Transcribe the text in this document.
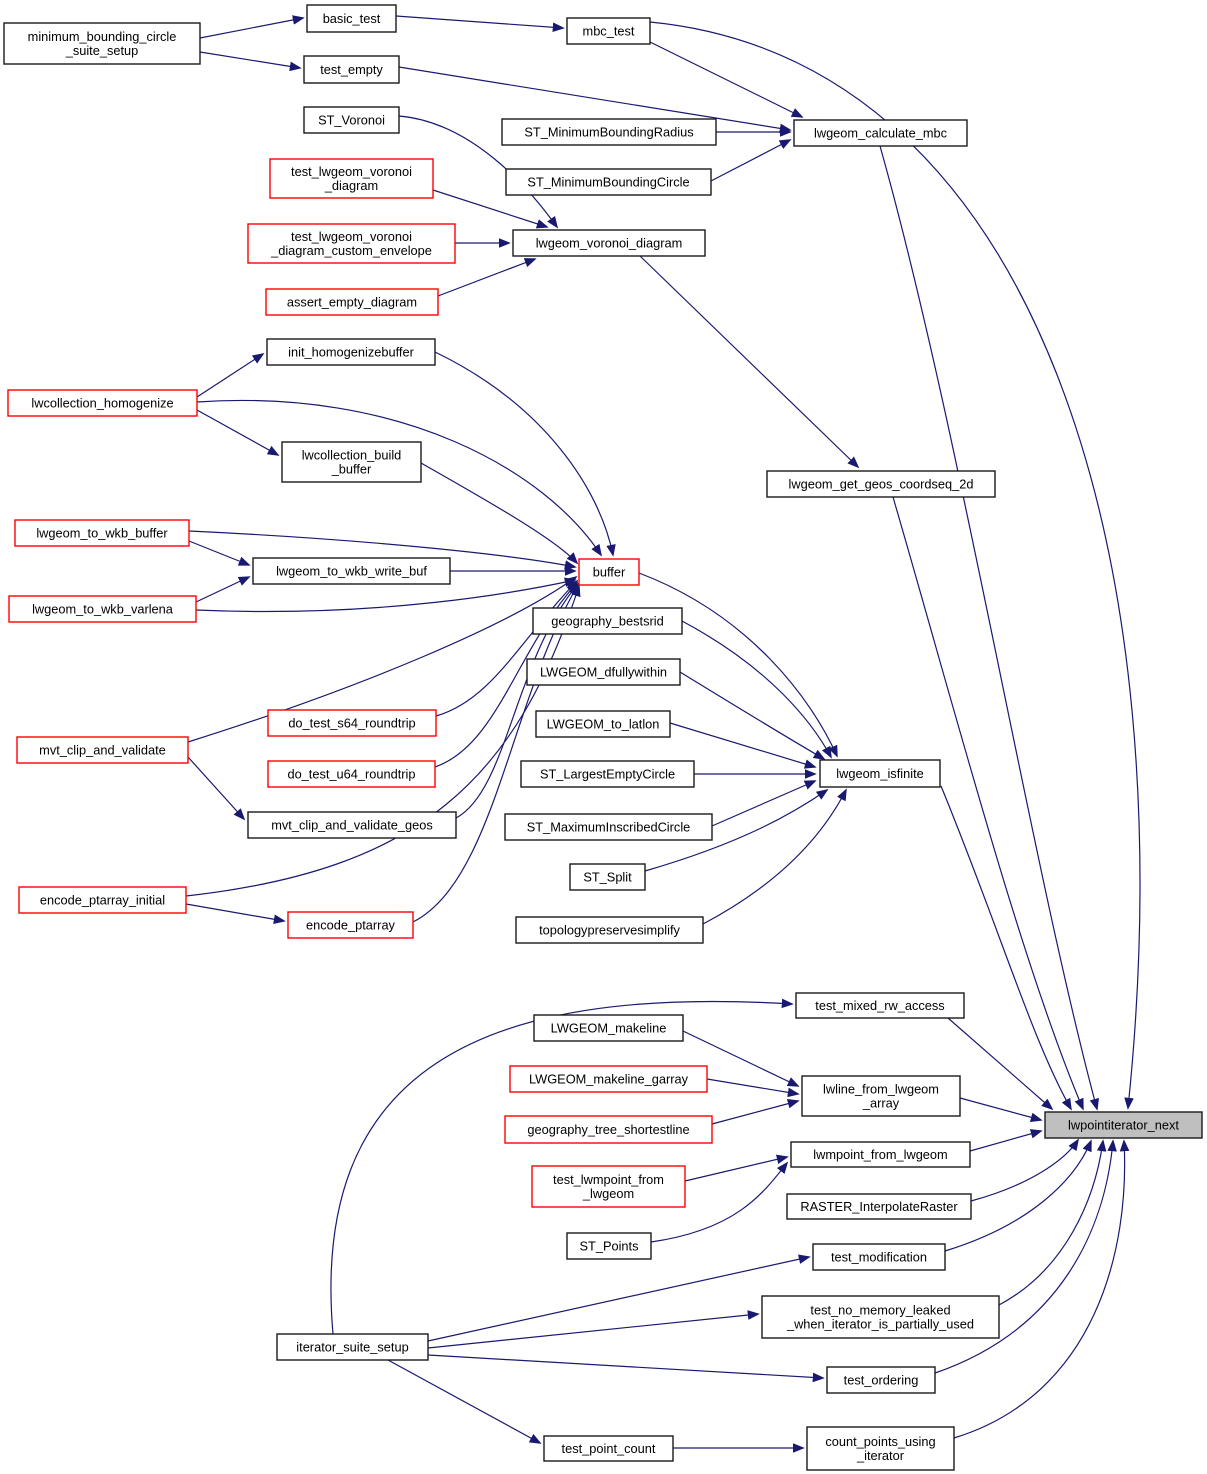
minimum_bounding_circle _suite_setup
basic_test
test_empty
ST_Voronoi
test_lwgeom_voronoi _diagram
test_lwgeom_voronoi _diagram_custom_envelope
assert_empty_diagram
mbc_test
lwgeom_calculate_mbc
ST_MinimumBoundingRadius
ST_MinimumBoundingCircle
lwgeom_voronoi_diagram
lwgeom_get_geos_coordseq_2d
init_homogenizebuffer
lwcollection_homogenize
lwcollection_build _buffer
lwgeom_to_wkb_buffer
lwgeom_to_wkb_write_buf
lwgeom_to_wkb_varlena
buffer
geography_bestsrid
LWGEOM_dfullywithin
LWGEOM_to_latlon
ST_LargestEmptyCircle	lwgeom_isfinite
ST_MaximumInscribedCircle
ST_Split
topologypreservesimplify
mvt_clip_and_validate
do_test_s64_roundtrip
do_test_u64_roundtrip
mvt_clip_and_validate_geos
encode_ptarray_initial
encode_ptarray
test_mixed_rw_access
LWGEOM_makeline
LWGEOM_makeline_garray
lwline_from_lwgeom _array
geography_tree_shortestline
lwmpoint_from_lwgeom
test_lwmpoint_from _lwgeom
RASTER_InterpolateRaster
ST_Points
lwpointiterator_next
test_modification
test_no_memory_leaked _when_iterator_is_partially_used
iterator_suite_setup
test_ordering
test_point_count	count_points_using _iterator
